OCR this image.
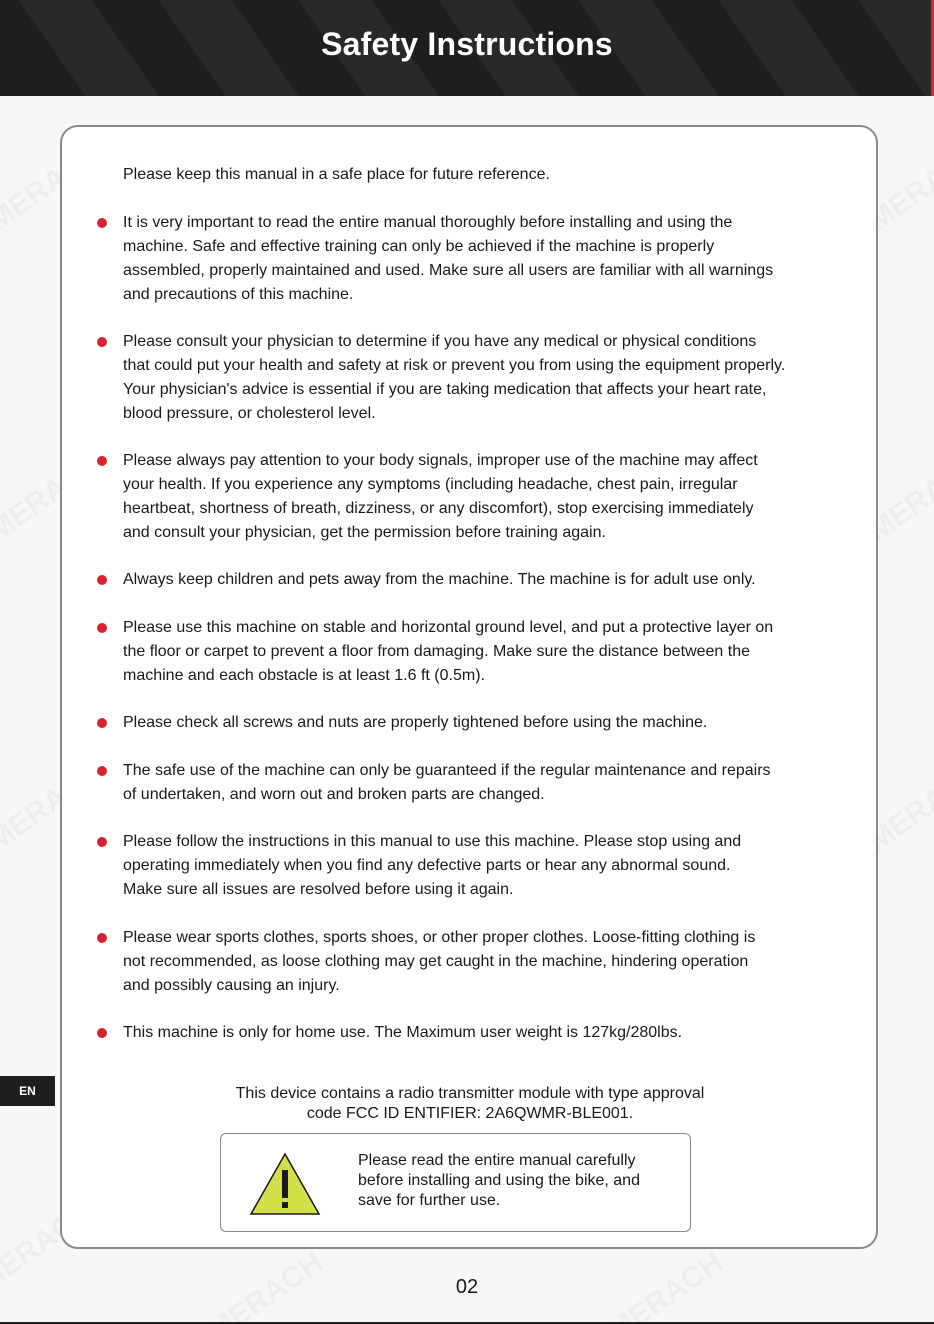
Safety Instructions
Please keep this manual in a safe place for future reference.
It is very important to read the entire manual thoroughly before installing and using the
machine. Safe and effective training can only be achieved if the machine is properly
assembled, properly maintained and used. Make sure all users are familiar with all warnings
and precautions of this machine.
Please consult your physician to determine if you have any medical or physical conditions
that could put your health and safety at risk or prevent you from using the equipment properly.
Your physician's advice is essential if you are taking medication that affects your heart rate,
blood pressure, or cholesterol level.
Please always pay attention to your body signals, improper use of the machine may affect
your health. If you experience any symptoms (including headache, chest pain, irregular
heartbeat, shortness of breath, dizziness, or any discomfort), stop exercising immediately
and consult your physician, get the permission before training again.
Always keep children and pets away from the machine. The machine is for adult use only.
Please use this machine on stable and horizontal ground level, and put a protective layer on
the floor or carpet to prevent a floor from damaging. Make sure the distance between the
machine and each obstacle is at least 1.6 ft (0.5m).
Please check all screws and nuts are properly tightened before using the machine.
The safe use of the machine can only be guaranteed if the regular maintenance and repairs
of undertaken, and worn out and broken parts are changed.
Please follow the instructions in this manual to use this machine. Please stop using and
operating immediately when you find any defective parts or hear any abnormal sound.
Make sure all issues are resolved before using it again.
Please wear sports clothes, sports shoes, or other proper clothes. Loose-fitting clothing is
not recommended, as loose clothing may get caught in the machine, hindering operation
and possibly causing an injury.
This machine is only for home use. The Maximum user weight is 127kg/280lbs.
This device contains a radio transmitter module with type approval
code FCC ID ENTIFIER: 2A6QWMR-BLE001.
Please read the entire manual carefully
before installing and using the bike, and
save for further use.
EN
02
